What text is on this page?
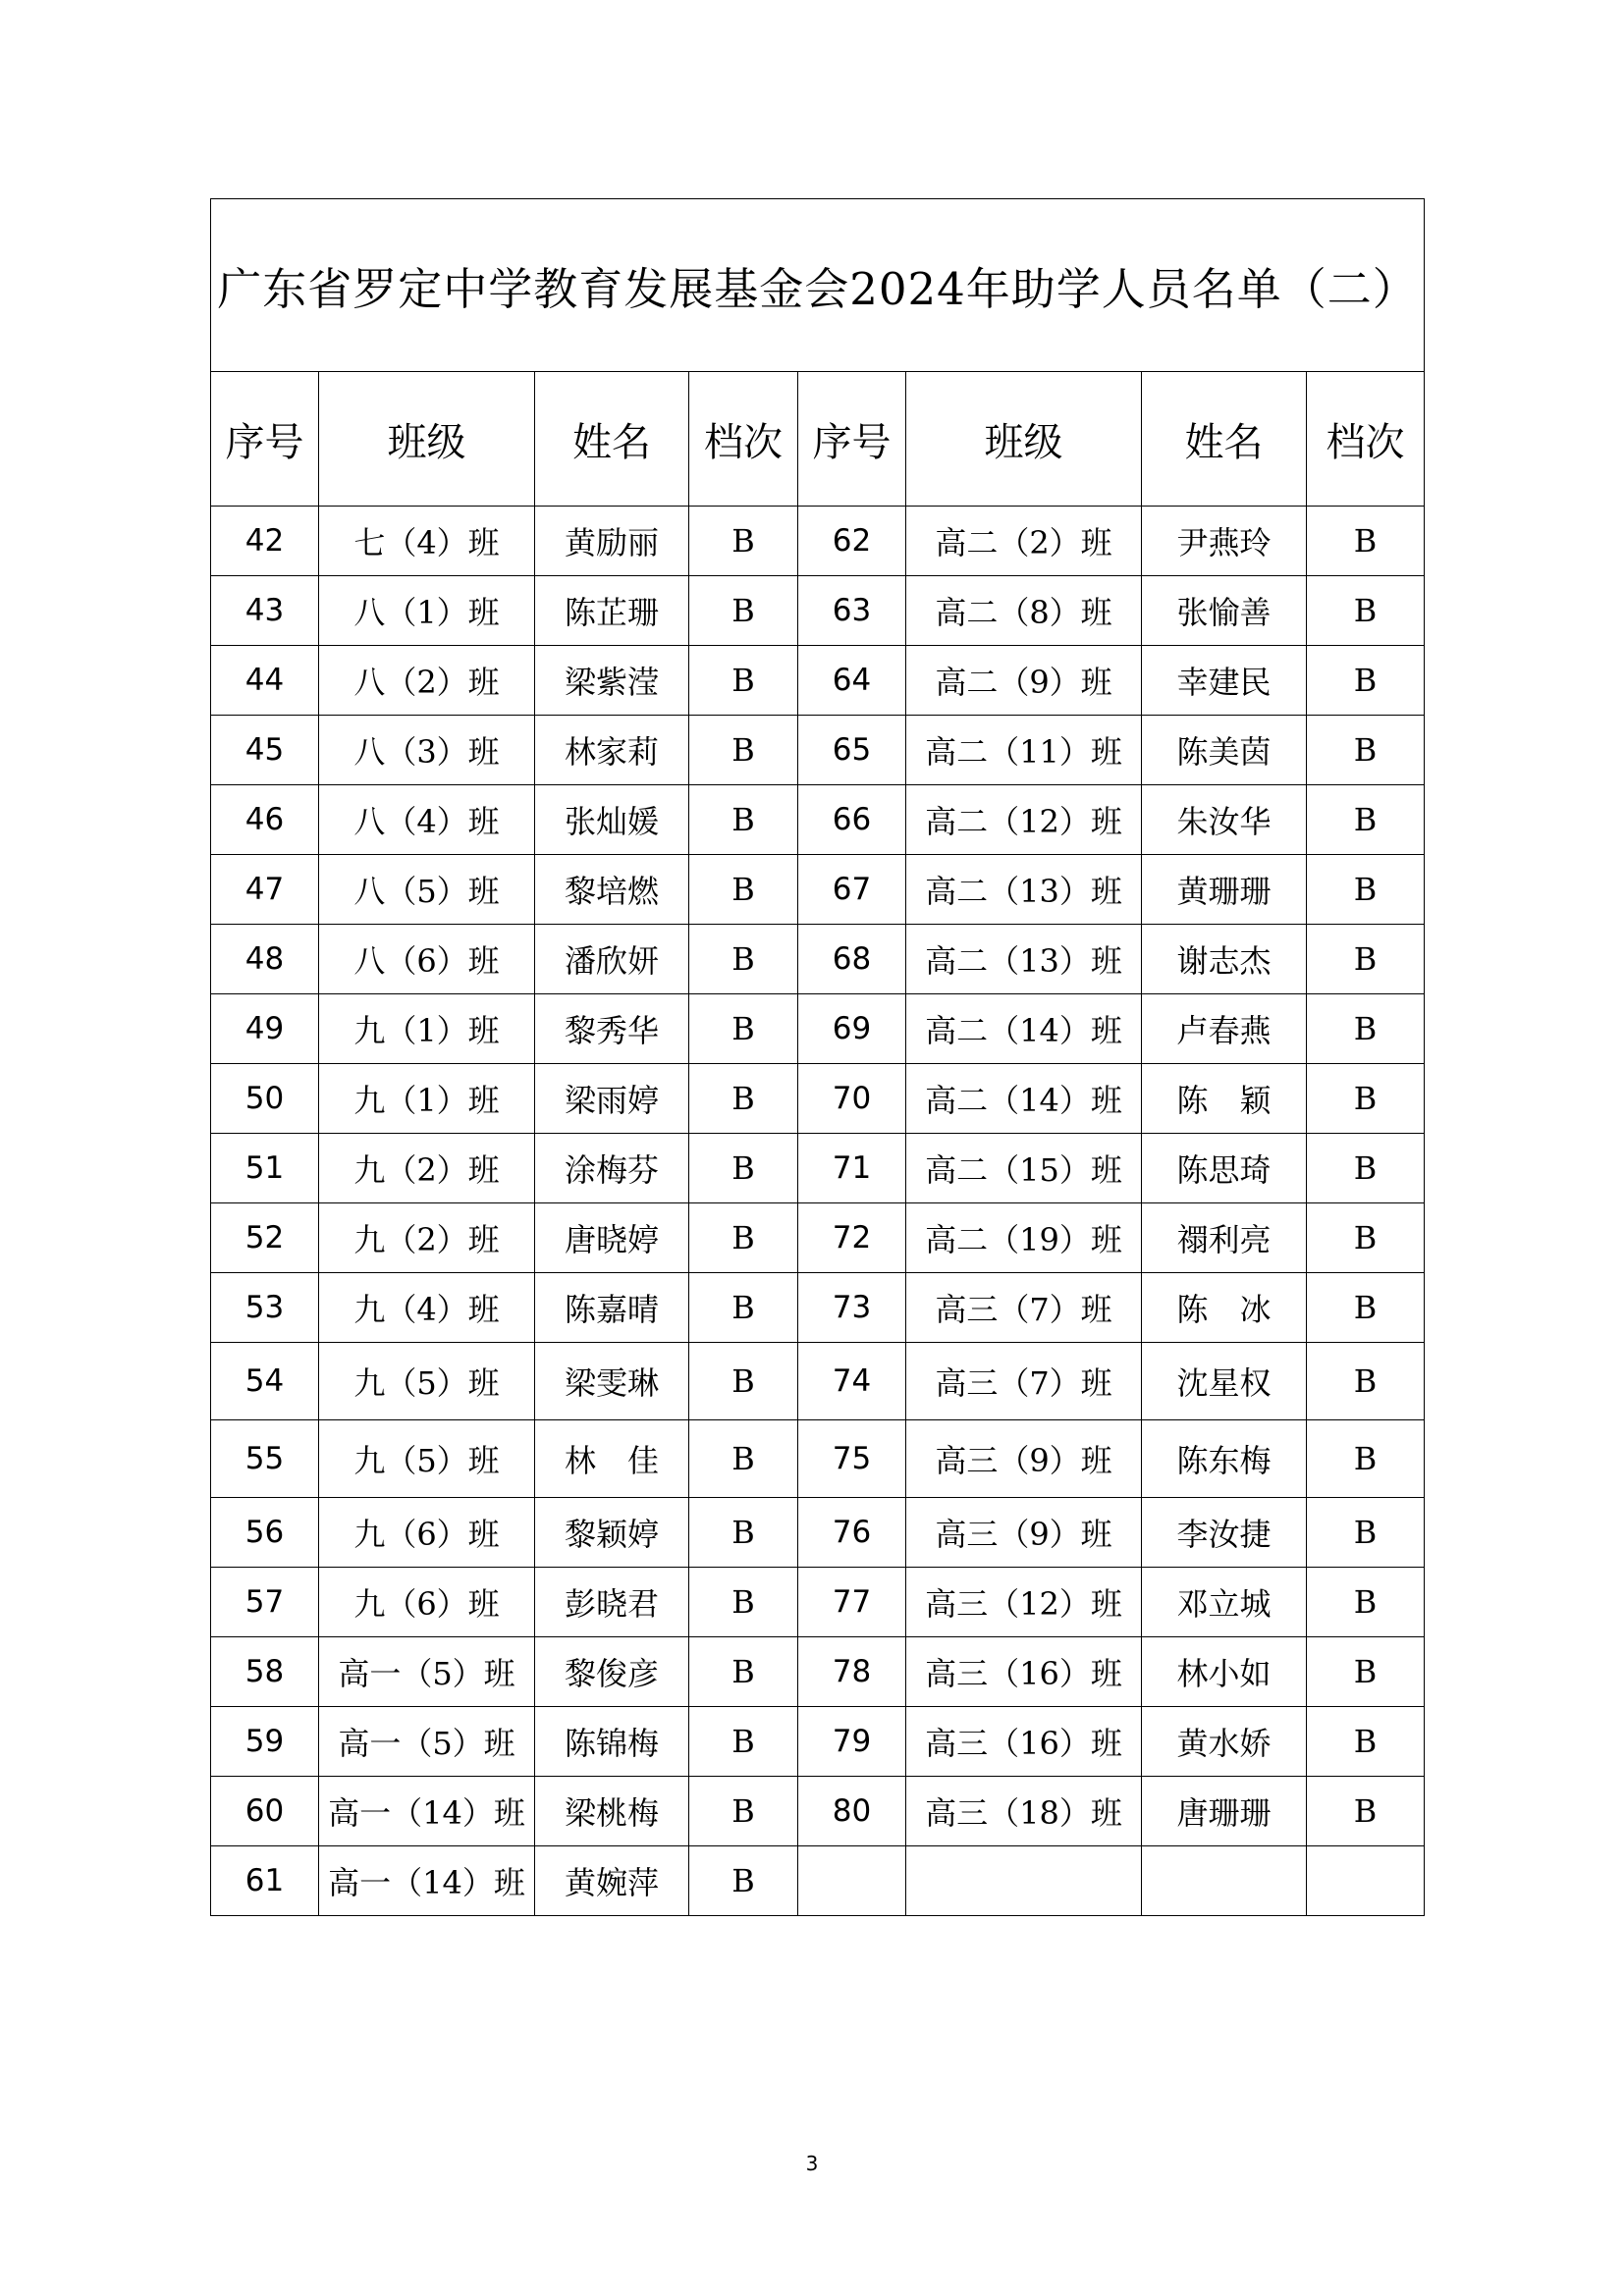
广东省罗定中学教育发展基金会2024年助学人员名单（二）							
序号	班级	姓名	档次	序号	班级	姓名	档次
42	七（4）班	黄励丽	B	62	高二（2）班	尹燕玲	B
43	八（1）班	陈芷珊	B	63	高二（8）班	张愉善	B
44	八（2）班	梁紫滢	B	64	高二（9）班	幸建民	B
45	八（3）班	林家莉	B	65	高二（11）班	陈美茵	B
46	八（4）班	张灿媛	B	66	高二（12）班	朱汝华	B
47	八（5）班	黎培燃	B	67	高二（13）班	黄珊珊	B
48	八（6）班	潘欣妍	B	68	高二（13）班	谢志杰	B
49	九（1）班	黎秀华	B	69	高二（14）班	卢春燕	B
50	九（1）班	梁雨婷	B	70	高二（14）班	陈　颖	B
51	九（2）班	涂梅芬	B	71	高二（15）班	陈思琦	B
52	九（2）班	唐晓婷	B	72	高二（19）班	禤利亮	B
53	九（4）班	陈嘉晴	B	73	高三（7）班	陈　冰	B
54	九（5）班	梁雯琳	B	74	高三（7）班	沈星权	B
55	九（5）班	林　佳	B	75	高三（9）班	陈东梅	B
56	九（6）班	黎颖婷	B	76	高三（9）班	李汝捷	B
57	九（6）班	彭晓君	B	77	高三（12）班	邓立城	B
58	高一（5）班	黎俊彦	B	78	高三（16）班	林小如	B
59	高一（5）班	陈锦梅	B	79	高三（16）班	黄水娇	B
60	高一（14）班	梁桃梅	B	80	高三（18）班	唐珊珊	B
61	高一（14）班	黄婉萍	B				
3
